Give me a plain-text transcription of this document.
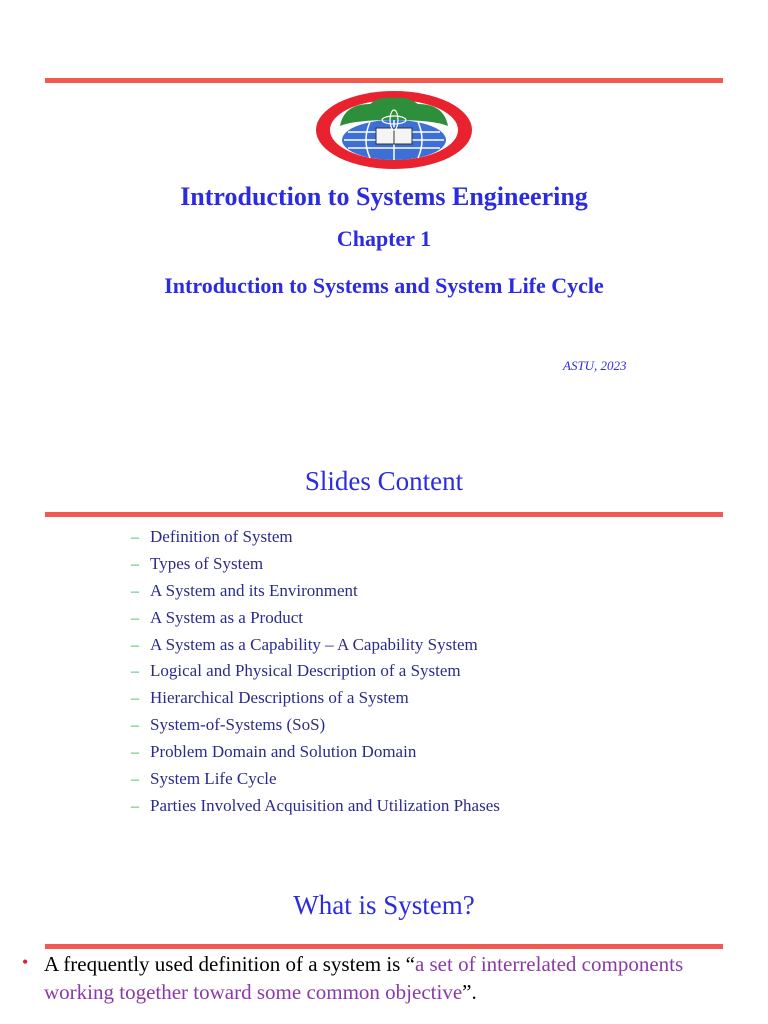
Introduction to Systems Engineering
Chapter 1
Introduction to Systems and System Life Cycle
ASTU, 2023
Slides Content
– Definition of System
– Types of System
– A System and its Environment
– A System as a Product
– A System as a Capability – A Capability System
– Logical and Physical Description of a System
– Hierarchical Descriptions of a System
– System-of-Systems (SoS)
– Problem Domain and Solution Domain
– System Life Cycle
– Parties Involved Acquisition and Utilization Phases
What is System?
• A frequently used definition of a system is “a set of interrelated components working together toward some common objective”.
